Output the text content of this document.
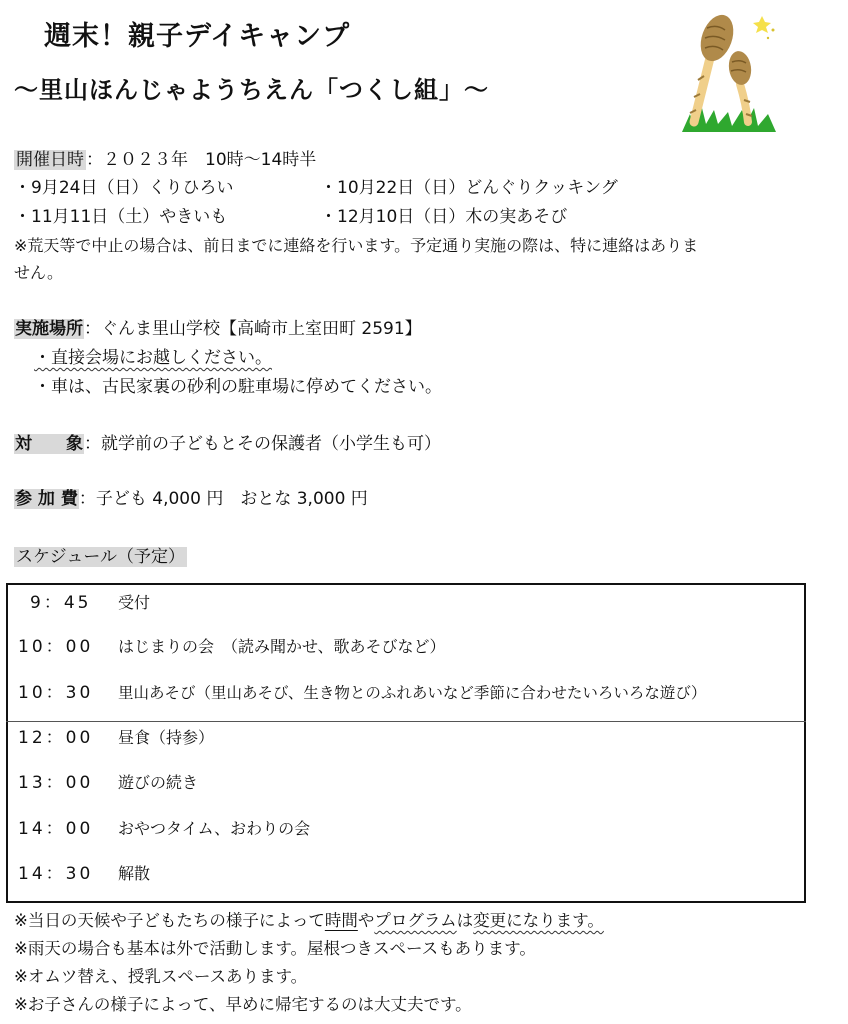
週末！親子デイキャンプ
～里山ほんじゃようちえん「つくし組」～
開催日時 ：２０２３年　10時～14時半
・9月24日（日）くりひろい	・10月22日（日）どんぐりクッキング
・11月11日（土）やきいも	・12月10日（日）木の実あそび
※荒天等で中止の場合は、前日までに連絡を行います。予定通り実施の際は、特に連絡はありま
せん。
実施場所：ぐんま里山学校【高崎市上室田町 2591】
・直接会場にお越しください。
・車は、古民家裏の砂利の駐車場に停めてください。
対　　象：就学前の子どもとその保護者（小学生も可）
参 加 費：子ども 4,000 円　おとな 3,000 円
スケジュール（予定）
9：45 受付
10：00 はじまりの会　（読み聞かせ、歌あそびなど）
10：30 里山あそび（里山あそび、生き物とのふれあいなど季節に合わせたいろいろな遊び）
12：00 昼食（持参）
13：00 遊びの続き
14：00 おやつタイム、おわりの会
14：30 解散
※当日の天候や子どもたちの様子によって時間やプログラムは変更になります。
※雨天の場合も基本は外で活動します。屋根つきスペースもあります。
※オムツ替え、授乳スペースあります。
※お子さんの様子によって、早めに帰宅するのは大丈夫です。
